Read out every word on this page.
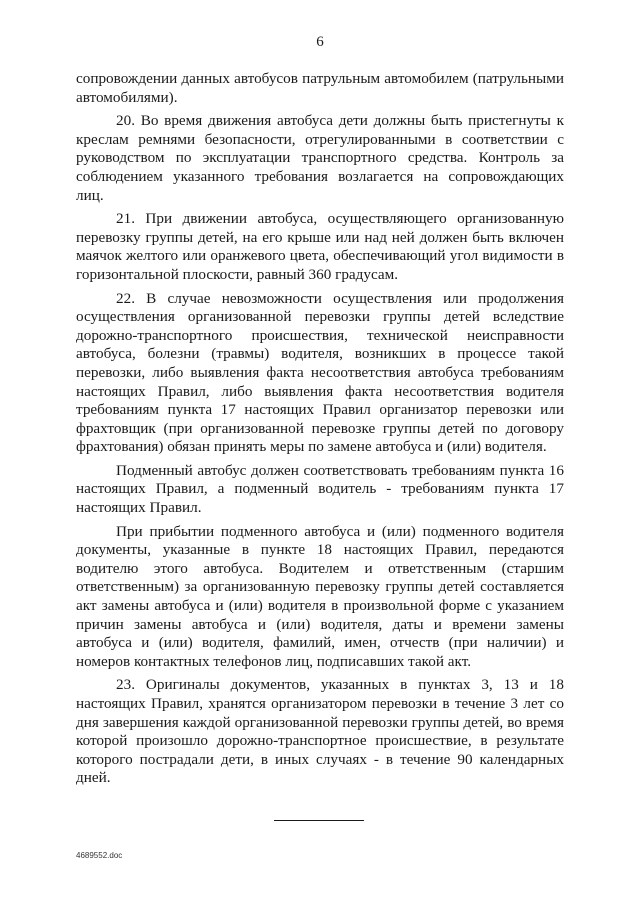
6

сопровождении данных автобусов патрульным автомобилем (патрульными автомобилями).

20. Во время движения автобуса дети должны быть пристегнуты к креслам ремнями безопасности, отрегулированными в соответствии с руководством по эксплуатации транспортного средства. Контроль за соблюдением указанного требования возлагается на сопровождающих лиц.

21. При движении автобуса, осуществляющего организованную перевозку группы детей, на его крыше или над ней должен быть включен маячок желтого или оранжевого цвета, обеспечивающий угол видимости в горизонтальной плоскости, равный 360 градусам.

22. В случае невозможности осуществления или продолжения осуществления организованной перевозки группы детей вследствие дорожно-транспортного происшествия, технической неисправности автобуса, болезни (травмы) водителя, возникших в процессе такой перевозки, либо выявления факта несоответствия автобуса требованиям настоящих Правил, либо выявления факта несоответствия водителя требованиям пункта 17 настоящих Правил организатор перевозки или фрахтовщик (при организованной перевозке группы детей по договору фрахтования) обязан принять меры по замене автобуса и (или) водителя.

Подменный автобус должен соответствовать требованиям пункта 16 настоящих Правил, а подменный водитель - требованиям пункта 17 настоящих Правил.

При прибытии подменного автобуса и (или) подменного водителя документы, указанные в пункте 18 настоящих Правил, передаются водителю этого автобуса. Водителем и ответственным (старшим ответственным) за организованную перевозку группы детей составляется акт замены автобуса и (или) водителя в произвольной форме с указанием причин замены автобуса и (или) водителя, даты и времени замены автобуса и (или) водителя, фамилий, имен, отчеств (при наличии) и номеров контактных телефонов лиц, подписавших такой акт.

23. Оригиналы документов, указанных в пунктах 3, 13 и 18 настоящих Правил, хранятся организатором перевозки в течение 3 лет со дня завершения каждой организованной перевозки группы детей, во время которой произошло дорожно-транспортное происшествие, в результате которого пострадали дети, в иных случаях - в течение 90 календарных дней.

4689552.doc
